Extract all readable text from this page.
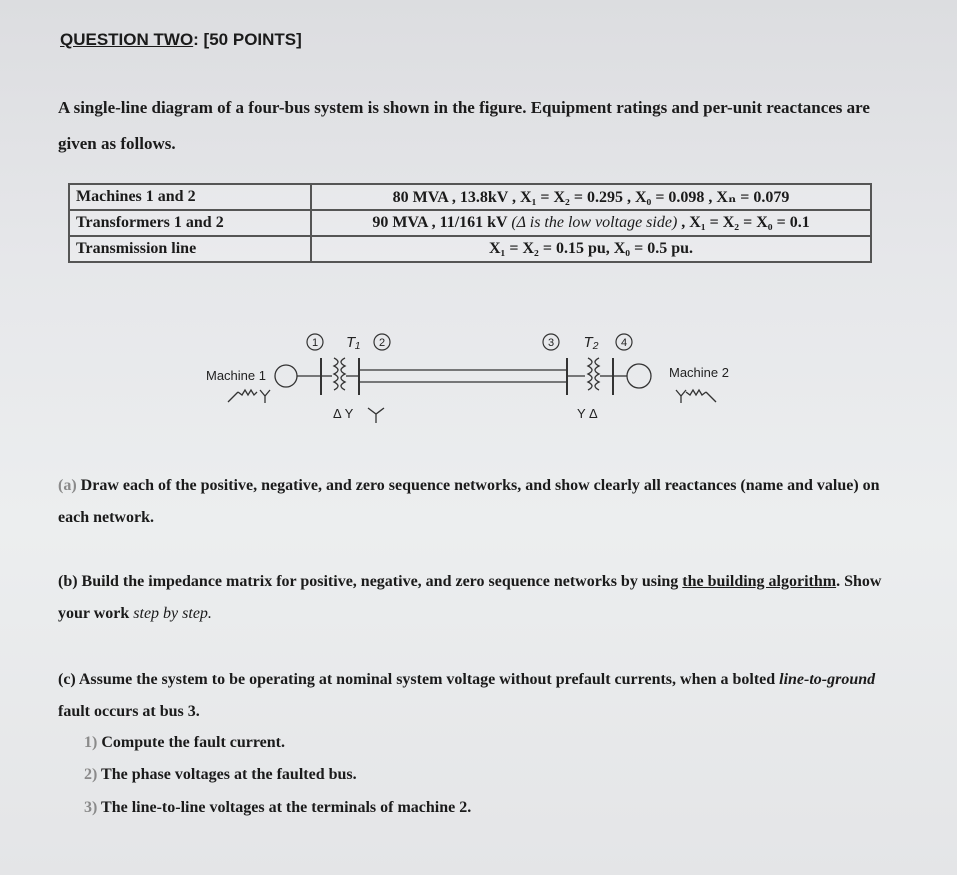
QUESTION TWO: [50 POINTS]
A single-line diagram of a four-bus system is shown in the figure. Equipment ratings and per-unit reactances are given as follows.
Machines 1 and 2	80 MVA , 13.8kV , X₁ = X₂ = 0.295 , X₀ = 0.098 , Xₙ = 0.079
Transformers 1 and 2	90 MVA , 11/161 kV (Δ is the low voltage side) , X₁ = X₂ = X₀ = 0.1
Transmission line	X₁ = X₂ = 0.15 pu, X₀ = 0.5 pu.
1 T₁ 2	3 T₂ 4
Machine 1	Machine 2
Δ Y	Y Δ
(a) Draw each of the positive, negative, and zero sequence networks, and show clearly all reactances (name and value) on each network.
(b) Build the impedance matrix for positive, negative, and zero sequence networks by using the building algorithm. Show your work step by step.
(c) Assume the system to be operating at nominal system voltage without prefault currents, when a bolted line-to-ground fault occurs at bus 3.
1) Compute the fault current.
2) The phase voltages at the faulted bus.
3) The line-to-line voltages at the terminals of machine 2.
